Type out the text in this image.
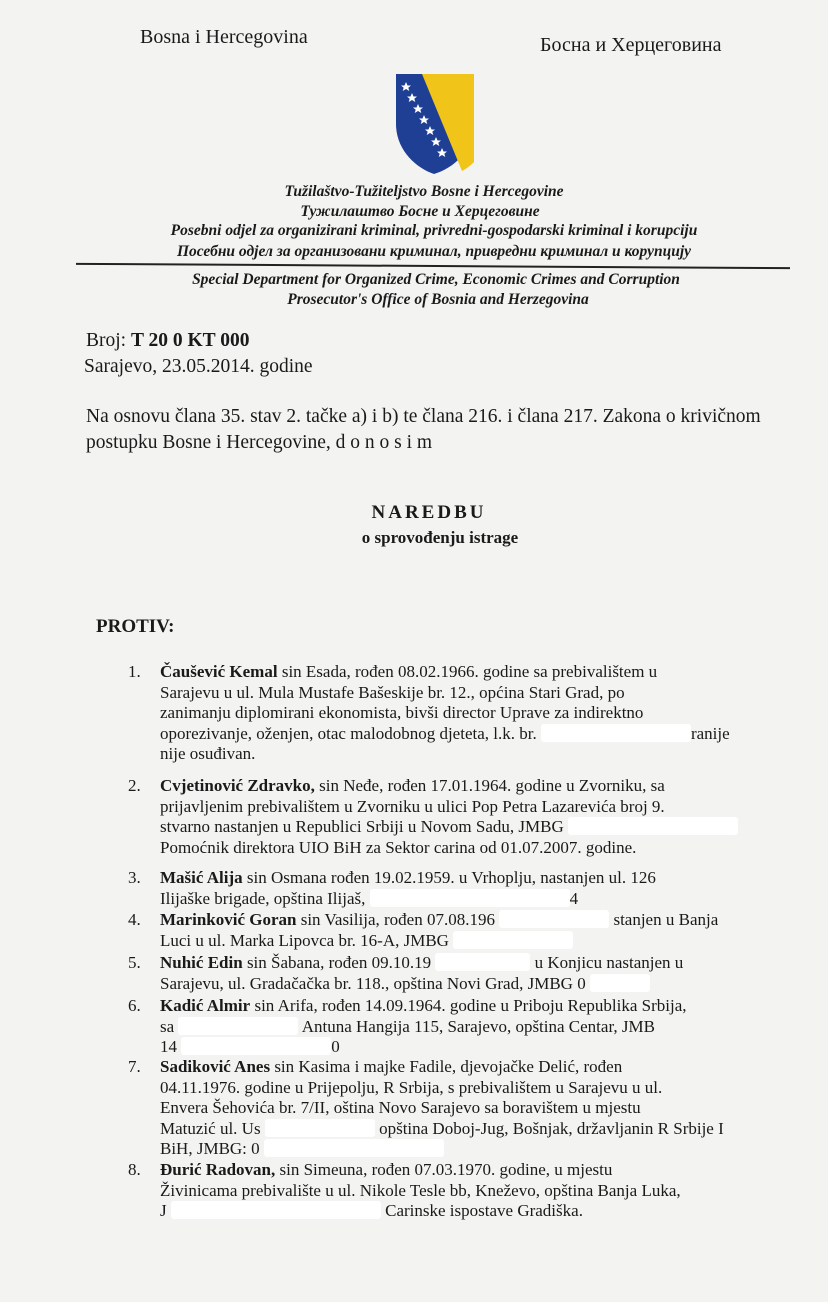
Bosna i Hercegovina	Босна и Херцеговина
Tužilaštvo-Tužiteljstvo Bosne i Hercegovine
Тужилаштво Босне и Херцеговине
Posebni odjel za organizirani kriminal, privredni-gospodarski kriminal i korupciju
Посебни одјел за организовани криминал, привредни криминал и корупцију
Special Department for Organized Crime, Economic Crimes and Corruption
Prosecutor's Office of Bosnia and Herzegovina
Broj: T 20 0 KT 000
Sarajevo, 23.05.2014. godine
Na osnovu člana 35. stav 2. tačke a) i b) te člana 216. i člana 217. Zakona o krivičnom
postupku Bosne i Hercegovine, d o n o s i m
NAREDBU
o sprovođenju istrage
PROTIV:
1.	Čaušević Kemal sin Esada, rođen 08.02.1966. godine sa prebivalištem u
Sarajevu u ul. Mula Mustafe Bašeskije br. 12., općina Stari Grad, po
zanimanju diplomirani ekonomista, bivši director Uprave za indirektno
oporezivanje, oženjen, otac malodobnog djeteta, l.k. br.	ranije
nije osuđivan.
2.	Cvjetinović Zdravko, sin Neđe, rođen 17.01.1964. godine u Zvorniku, sa
prijavljenim prebivalištem u Zvorniku u ulici Pop Petra Lazarevića broj 9.
stvarno nastanjen u Republici Srbiji u Novom Sadu, JMBG
Pomoćnik direktora UIO BiH za Sektor carina od 01.07.2007. godine.
3.	Mašić Alija sin Osmana rođen 19.02.1959. u Vrhoplju, nastanjen ul. 126
Ilijaške brigade, opština Ilijaš,	4
4.	Marinković Goran sin Vasilija, rođen 07.08.196	stanjen u Banja
Luci u ul. Marka Lipovca br. 16-A, JMBG
5.	Nuhić Edin sin Šabana, rođen 09.10.19	u Konjicu nastanjen u
Sarajevu, ul. Gradačačka br. 118., opština Novi Grad, JMBG 0
6.	Kadić Almir sin Arifa, rođen 14.09.1964. godine u Priboju Republika Srbija,
sa	Antuna Hangija 115, Sarajevo, opština Centar, JMB
14	0
7.	Sadiković Anes sin Kasima i majke Fadile, djevojačke Delić, rođen
04.11.1976. godine u Prijepolju, R Srbija, s prebivalištem u Sarajevu u ul.
Envera Šehovića br. 7/II, oština Novo Sarajevo sa boravištem u mjestu
Matuzić ul. Us	opština Doboj-Jug, Bošnjak, državljanin R Srbije I
BiH, JMBG: 0
8.	Đurić Radovan, sin Simeuna, rođen 07.03.1970. godine, u mjestu
Živinicama prebivalište u ul. Nikole Tesle bb, Kneževo, opština Banja Luka,
J	Carinske ispostave Gradiška.
